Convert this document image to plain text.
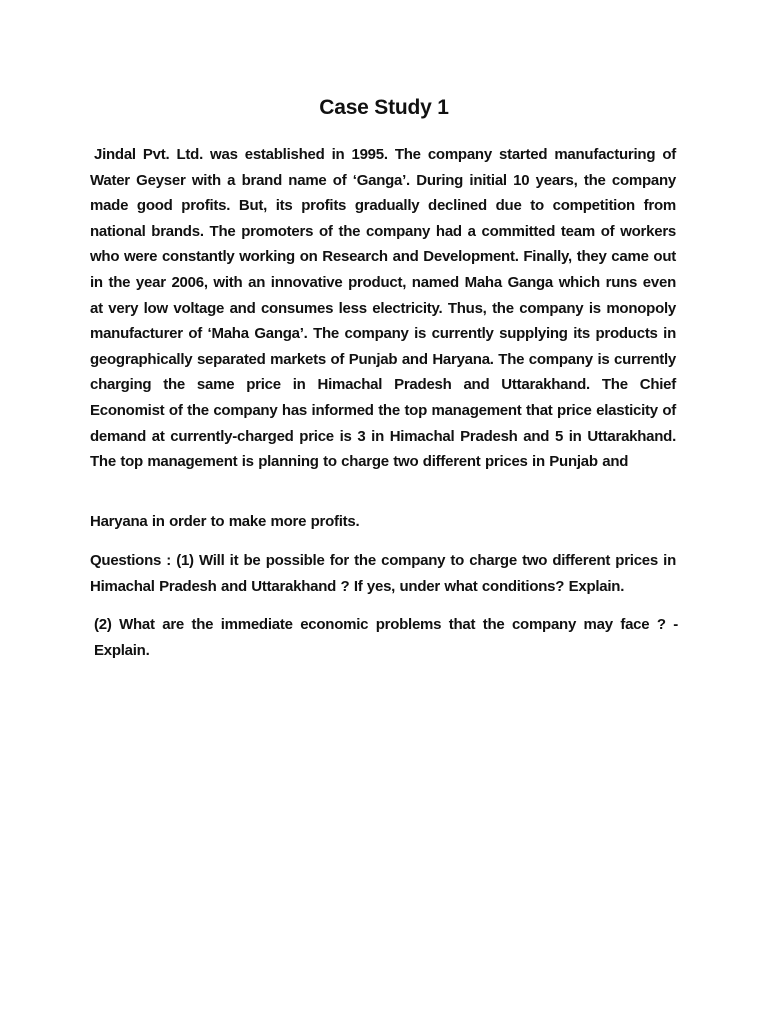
Case Study 1

Jindal Pvt. Ltd. was established in 1995. The company started manufacturing of Water Geyser with a brand name of ‘Ganga’. During initial 10 years, the company made good profits. But, its profits gradually declined due to competition from national brands. The promoters of the company had a committed team of workers who were constantly working on Research and Development. Finally, they came out in the year 2006, with an innovative product, named Maha Ganga which runs even at very low voltage and consumes less electricity. Thus, the company is monopoly manufacturer of ‘Maha Ganga’. The company is currently supplying its products in geographically separated markets of Punjab and Haryana. The company is currently charging the same price in Himachal Pradesh and Uttarakhand. The Chief Economist of the company has informed the top management that price elasticity of demand at currently-charged price is 3 in Himachal Pradesh and 5 in Uttarakhand. The top management is planning to charge two different prices in Punjab and

Haryana in order to make more profits.

Questions : (1) Will it be possible for the company to charge two different prices in Himachal Pradesh and Uttarakhand ? If yes, under what conditions? Explain.

(2) What are the immediate economic problems that the company may face ? - Explain.
